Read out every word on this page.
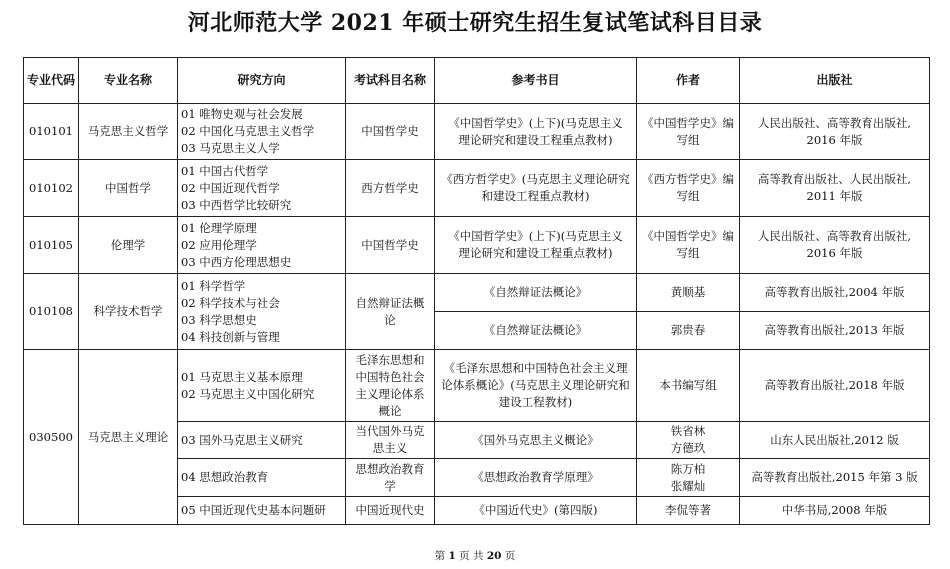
河北师范大学 2021 年硕士研究生招生复试笔试科目目录
专业代码	专业名称	研究方向	考试科目名称	参考书目	作者	出版社
010101	马克思主义哲学	01 唯物史观与社会发展
02 中国化马克思主义哲学
03 马克思主义人学	中国哲学史	《中国哲学史》(上下)(马克思主义
理论研究和建设工程重点教材)	《中国哲学史》编
写组	人民出版社、高等教育出版社,
2016 年版

010102	中国哲学	01 中国古代哲学
02 中国近现代哲学
03 中西哲学比较研究	西方哲学史	《西方哲学史》(马克思主义理论研究
和建设工程重点教材)	《西方哲学史》编
写组	高等教育出版社、人民出版社,
2011 年版

010105	伦理学	01 伦理学原理
02 应用伦理学
03 中西方伦理思想史	中国哲学史	《中国哲学史》(上下)(马克思主义
理论研究和建设工程重点教材)	《中国哲学史》编
写组	人民出版社、高等教育出版社,
2016 年版

010108	科学技术哲学	01 科学哲学
02 科学技术与社会
03 科学思想史
04 科技创新与管理	自然辩证法概
论	《自然辩证法概论》	黄顺基	高等教育出版社,2004 年版
				《自然辩证法概论》	郭贵春	高等教育出版社,2013 年版
030500	马克思主义理论	01 马克思主义基本原理
02 马克思主义中国化研究	毛泽东思想和
中国特色社会
主义理论体系
概论	《毛泽东思想和中国特色社会主义理
论体系概论》(马克思主义理论研究和
建设工程教材)	本书编写组	高等教育出版社,2018 年版

		03 国外马克思主义研究	当代国外马克
思主义	《国外马克思主义概论》	铁省林
方德玖	山东人民出版社,2012 版

		04 思想政治教育	思想政治教育
学	《思想政治教育学原理》	陈万柏
张耀灿	高等教育出版社,2015 年第 3 版

		05 中国近现代史基本问题研	中国近现代史	《中国近代史》(第四版)	李侃等著	中华书局,2008 年版
第 1 页 共 20 页
